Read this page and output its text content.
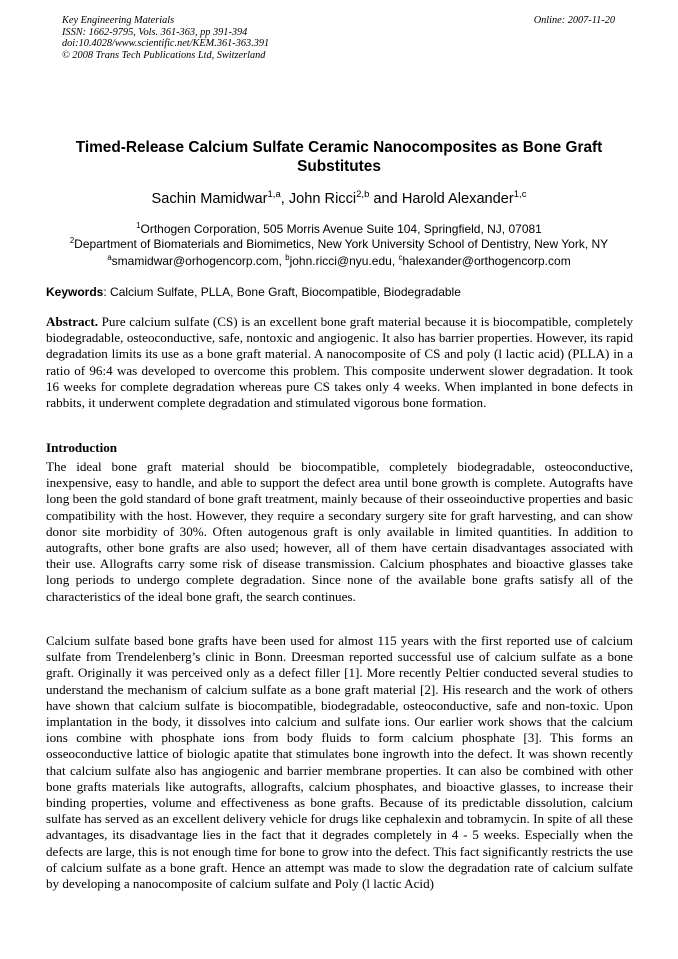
Key Engineering Materials
ISSN: 1662-9795, Vols. 361-363, pp 391-394
doi:10.4028/www.scientific.net/KEM.361-363.391
© 2008 Trans Tech Publications Ltd, Switzerland
Online: 2007-11-20
Timed-Release Calcium Sulfate Ceramic Nanocomposites as Bone Graft Substitutes
Sachin Mamidwar$^{1,a}$, John Ricci$^{2,b}$ and Harold Alexander$^{1,c}$
$^1$Orthogen Corporation, 505 Morris Avenue Suite 104, Springfield, NJ, 07081
$^2$Department of Biomaterials and Biomimetics, New York University School of Dentistry, New York, NY
$^a$smamidwar@orhogencorp.com, $^b$john.ricci@nyu.edu, $^c$halexander@orthogencorp.com
Keywords: Calcium Sulfate, PLLA, Bone Graft, Biocompatible, Biodegradable
Abstract. Pure calcium sulfate (CS) is an excellent bone graft material because it is biocompatible, completely biodegradable, osteoconductive, safe, nontoxic and angiogenic. It also has barrier properties. However, its rapid degradation limits its use as a bone graft material. A nanocomposite of CS and poly (l lactic acid) (PLLA) in a ratio of 96:4 was developed to overcome this problem. This composite underwent slower degradation. It took 16 weeks for complete degradation whereas pure CS takes only 4 weeks. When implanted in bone defects in rabbits, it underwent complete degradation and stimulated vigorous bone formation.
Introduction
The ideal bone graft material should be biocompatible, completely biodegradable, osteoconductive, inexpensive, easy to handle, and able to support the defect area until bone growth is complete. Autografts have long been the gold standard of bone graft treatment, mainly because of their osseoinductive properties and basic compatibility with the host. However, they require a secondary surgery site for graft harvesting, and can show donor site morbidity of 30%. Often autogenous graft is only available in limited quantities. In addition to autografts, other bone grafts are also used; however, all of them have certain disadvantages associated with their use. Allografts carry some risk of disease transmission. Calcium phosphates and bioactive glasses take long periods to undergo complete degradation. Since none of the available bone grafts satisfy all of the characteristics of the ideal bone graft, the search continues.
Calcium sulfate based bone grafts have been used for almost 115 years with the first reported use of calcium sulfate from Trendelenberg’s clinic in Bonn. Dreesman reported successful use of calcium sulfate as a bone graft. Originally it was perceived only as a defect filler [1]. More recently Peltier conducted several studies to understand the mechanism of calcium sulfate as a bone graft material [2]. His research and the work of others have shown that calcium sulfate is biocompatible, biodegradable, osteoconductive, safe and non-toxic. Upon implantation in the body, it dissolves into calcium and sulfate ions. Our earlier work shows that the calcium ions combine with phosphate ions from body fluids to form calcium phosphate [3]. This forms an osseoconductive lattice of biologic apatite that stimulates bone ingrowth into the defect. It was shown recently that calcium sulfate also has angiogenic and barrier membrane properties. It can also be combined with other bone grafts materials like autografts, allografts, calcium phosphates, and bioactive glasses, to increase their binding properties, volume and effectiveness as bone grafts. Because of its predictable dissolution, calcium sulfate has served as an excellent delivery vehicle for drugs like cephalexin and tobramycin. In spite of all these advantages, its disadvantage lies in the fact that it degrades completely in 4 - 5 weeks. Especially when the defects are large, this is not enough time for bone to grow into the defect. This fact significantly restricts the use of calcium sulfate as a bone graft. Hence an attempt was made to slow the degradation rate of calcium sulfate by developing a nanocomposite of calcium sulfate and Poly (l lactic Acid)
